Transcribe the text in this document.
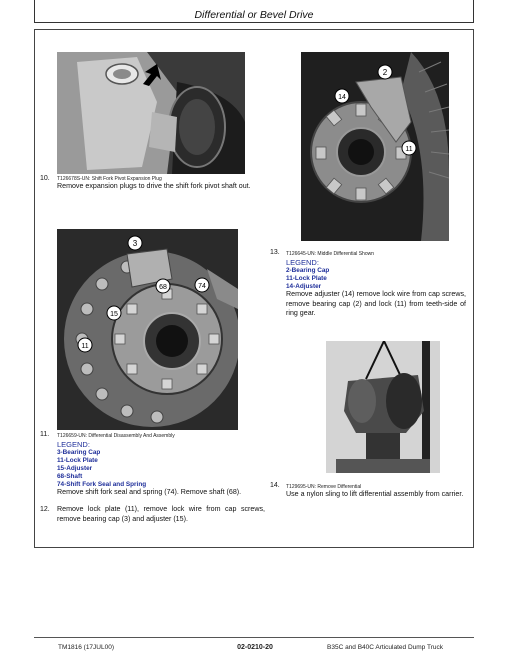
Differential or Bevel Drive
10. T126678S-UN: Shift Fork Pivot Expansion Plug
Remove expansion plugs to drive the shift fork pivot shaft out.
2
14
11
13. T126645-UN: Middle Differential Shown
LEGEND:
2-Bearing Cap
11-Lock Plate
14-Adjuster
Remove adjuster (14) remove lock wire from cap screws, remove bearing cap (2) and lock (11) from teeth-side of ring gear.
3
68	74
15
11
11. T126659-UN: Differential Disassembly And Assembly
LEGEND:
3-Bearing Cap
11-Lock Plate
15-Adjuster
68-Shaft
74-Shift Fork Seal and Spring
Remove shift fork seal and spring (74). Remove shaft (68).
12. Remove lock plate (11), remove lock wire from cap screws, remove bearing cap (3) and adjuster (15).
14. T129695-UN: Remove Differential
Use a nylon sling to lift differential assembly from carrier.
TM1816 (17JUL00)	02-0210-20	B35C and B40C Articulated Dump Truck
